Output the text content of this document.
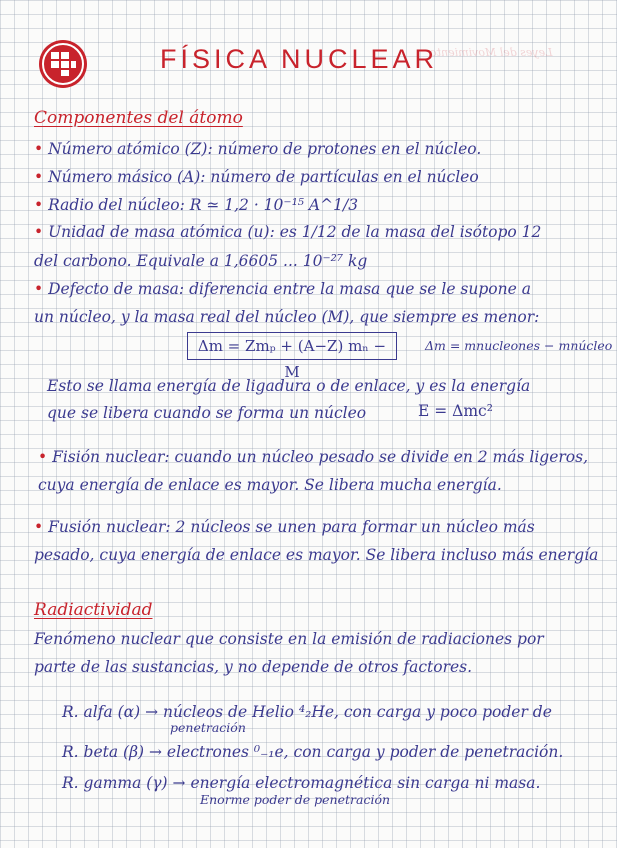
FÍSICA NUCLEAR
Leyes del Movimiento
Componentes del átomo
• Número atómico (Z): número de protones en el núcleo.
• Número másico (A): número de partículas en el núcleo
• Radio del núcleo: R ≃ 1,2 · 10⁻¹⁵ A^1/3
• Unidad de masa atómica (u): es 1/12 de la masa del isótopo 12
del carbono. Equivale a 1,6605 ... 10⁻²⁷ kg
• Defecto de masa: diferencia entre la masa que se le supone a
un núcleo, y la masa real del núcleo (M), que siempre es menor:
Δm = Zmₚ + (A−Z) mₙ − M
Δm = mnucleones − mnúcleo
Esto se llama energía de ligadura o de enlace, y es la energía
que se libera cuando se forma un núcleo	E = Δmc²
• Fisión nuclear: cuando un núcleo pesado se divide en 2 más ligeros,
cuya energía de enlace es mayor. Se libera mucha energía.
• Fusión nuclear: 2 núcleos se unen para formar un núcleo más
pesado, cuya energía de enlace es mayor. Se libera incluso más energía
Radiactividad
Fenómeno nuclear que consiste en la emisión de radiaciones por
parte de las sustancias, y no depende de otros factores.
R. alfa (α) → núcleos de Helio ⁴₂He, con carga y poco poder de
penetración
R. beta (β) → electrones ⁰₋₁e, con carga y poder de penetración.
R. gamma (γ) → energía electromagnética sin carga ni masa.
Enorme poder de penetración
